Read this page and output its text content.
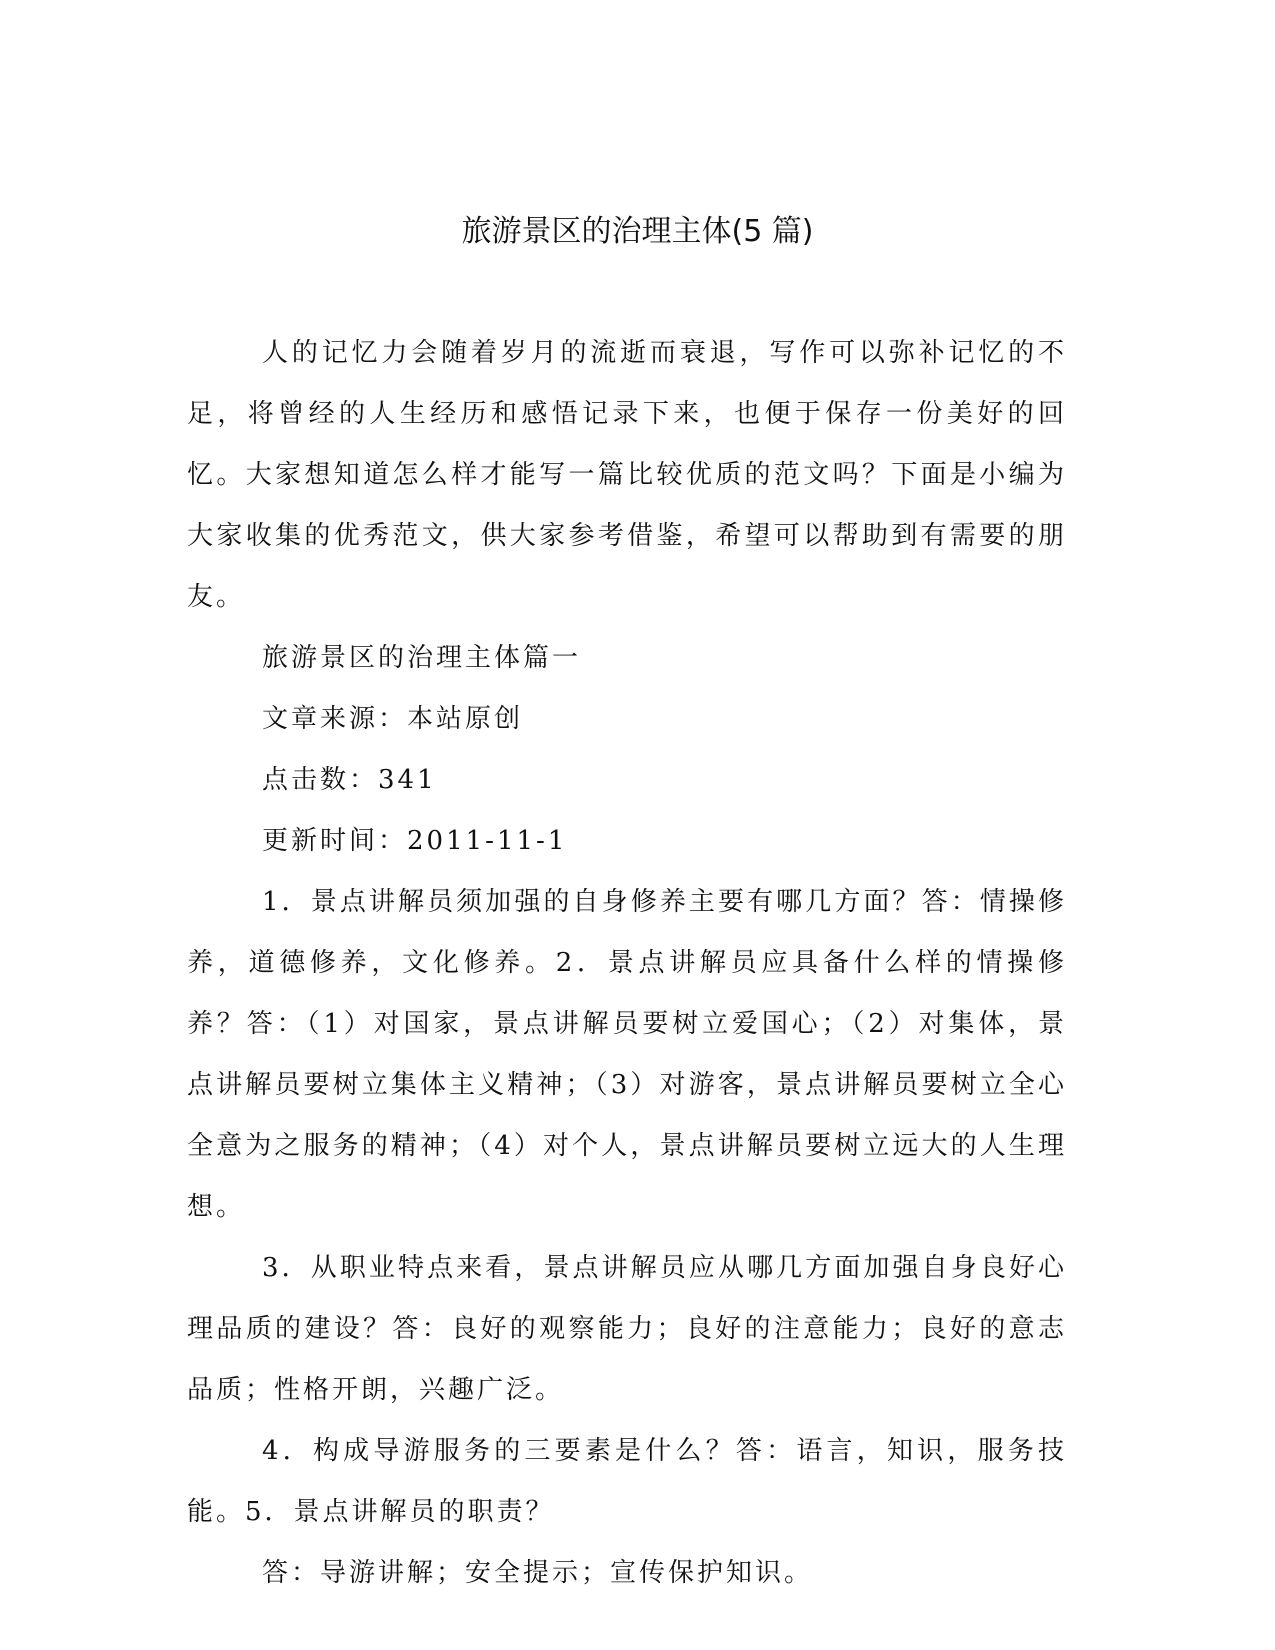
旅游景区的治理主体(5 篇)

人的记忆力会随着岁月的流逝而衰退，写作可以弥补记忆的不足，将曾经的人生经历和感悟记录下来，也便于保存一份美好的回忆。大家想知道怎么样才能写一篇比较优质的范文吗？下面是小编为大家收集的优秀范文，供大家参考借鉴，希望可以帮助到有需要的朋友。

旅游景区的治理主体篇一

文章来源：本站原创

点击数：341

更新时间：2011-11-1

1．景点讲解员须加强的自身修养主要有哪几方面？答：情操修养，道德修养，文化修养。2．景点讲解员应具备什么样的情操修养？答：（1）对国家，景点讲解员要树立爱国心；（2）对集体，景点讲解员要树立集体主义精神；（3）对游客，景点讲解员要树立全心全意为之服务的精神；（4）对个人，景点讲解员要树立远大的人生理想。

3．从职业特点来看，景点讲解员应从哪几方面加强自身良好心理品质的建设？答：良好的观察能力；良好的注意能力；良好的意志品质；性格开朗，兴趣广泛。

4．构成导游服务的三要素是什么？答：语言，知识，服务技能。5．景点讲解员的职责？

答：导游讲解；安全提示；宣传保护知识。
